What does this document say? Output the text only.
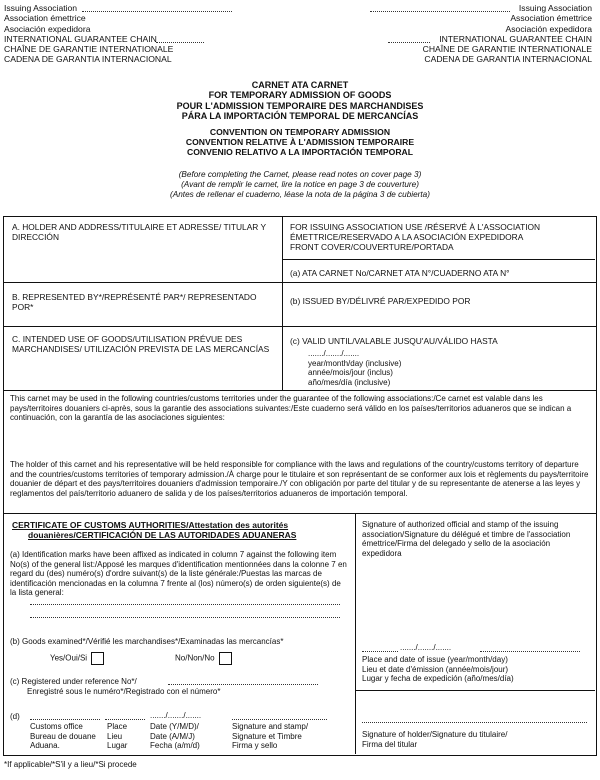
Issuing Association
Association émettrice
Asociación expedidora
INTERNATIONAL GUARANTEE CHAIN
CHAÎNE DE GARANTIE INTERNATIONALE
CADENA DE GARANTIA INTERNACIONAL
Issuing Association
Association émettrice
Asociación expedidora
INTERNATIONAL GUARANTEE CHAIN
CHAÎNE DE GARANTIE INTERNATIONALE
CADENA DE GARANTIA INTERNACIONAL
CARNET ATA CARNET
FOR TEMPORARY ADMISSION OF GOODS
POUR L'ADMISSION TEMPORAIRE DES MARCHANDISES
PÁRA LA IMPORTACIÓN TEMPORAL DE MERCANCÍAS
CONVENTION ON TEMPORARY ADMISSION
CONVENTION RELATIVE À L'ADMISSION TEMPORAIRE
CONVENIO RELATIVO A LA IMPORTACIÓN TEMPORAL
(Before completing the Carnet, please read notes on cover page 3)
(Avant de remplir le carnet, lire la notice en page 3 de couverture)
(Antes de rellenar el cuaderno, léase la nota de la página 3 de cubierta)
A. HOLDER AND ADDRESS/TITULAIRE ET ADRESSE/ TITULAR Y DIRECCIÓN
B. REPRESENTED BY*/REPRÉSENTÉ PAR*/ REPRESENTADO POR*
C. INTENDED USE OF GOODS/UTILISATION PRÉVUE DES MARCHANDISES/ UTILIZACIÓN PREVISTA DE LAS MERCANCÍAS
FOR ISSUING ASSOCIATION USE /RÉSERVÉ À L'ASSOCIATION
ÉMETTRICE/RESERVADO A LA ASOCIACIÓN EXPEDIDORA
FRONT COVER/COUVERTURE/PORTADA
(a) ATA CARNET No/CARNET ATA N°/CUADERNO ATA N°
(b) ISSUED BY/DÉLIVRÉ PAR/EXPEDIDO POR
(c) VALID UNTIL/VALABLE JUSQU'AU/VÁLIDO HASTA
......./......./.......
year/month/day (inclusive)
année/mois/jour (inclus)
año/mes/día (inclusive)
This carnet may be used in the following countries/customs territories under the guarantee of the following associations:/Ce carnet est valable dans les pays/territoires douaniers ci-après, sous la garantie des associations suivantes:/Este cuaderno será válido en los países/territorios aduaneros que se indican a continuación, con la garantía de las asociaciones siguientes:
The holder of this carnet and his representative will be held responsible for compliance with the laws and regulations of the country/customs territory of departure and the countries/customs territories of temporary admission./À charge pour le titulaire et son représentant de se conformer aux lois et règlements du pays/territoire douanier de départ et des pays/territoires douaniers d'admission temporaire./Y con obligación por parte del titular y de su representante de atenerse a las leyes y reglamentos del país/territorio aduanero de salida y de los países/territorios aduaneros de importación temporal.
CERTIFICATE OF CUSTOMS AUTHORITIES/Attestation des autorités
douanières/CERTIFICACIÓN DE LAS AUTORIDADES ADUANERAS
(a) Identification marks have been affixed as indicated in column 7 against the following item No(s) of the general list:/Apposé les marques d'identification mentionnées dans la colonne 7 en regard du (des) numéro(s) d'ordre suivant(s) de la liste générale:/Puestas las marcas de identificación mencionadas en la columna 7 frente al (los) número(s) de orden siguiente(s) de la lista general:
(b) Goods examined*/Vérifié les marchandises*/Examinadas las mercancías*
Yes/Oui/Si	No/Non/No
(c) Registered under reference No*/
Enregistré sous le numéro*/Registrado con el número*
(d)	......./......./.......
Customs office
Bureau de douane
Aduana.
Place
Lieu
Lugar
Date (Y/M/D)/
Date (A/M/J)
Fecha (a/m/d)
Signature and stamp/
Signature et Timbre
Firma y sello
Signature of authorized official and stamp of the issuing association/Signature du délégué et timbre de l'association émettrice/Firma del delegado y sello de la asociación expedidora
......./......./.......
Place and date of issue (year/month/day)
Lieu et date d'émission (année/mois/jour)
Lugar y fecha de expedición (año/mes/día)
Signature of holder/Signature du titulaire/
Firma del titular
*If applicable/*S'il y a lieu/*Si procede
